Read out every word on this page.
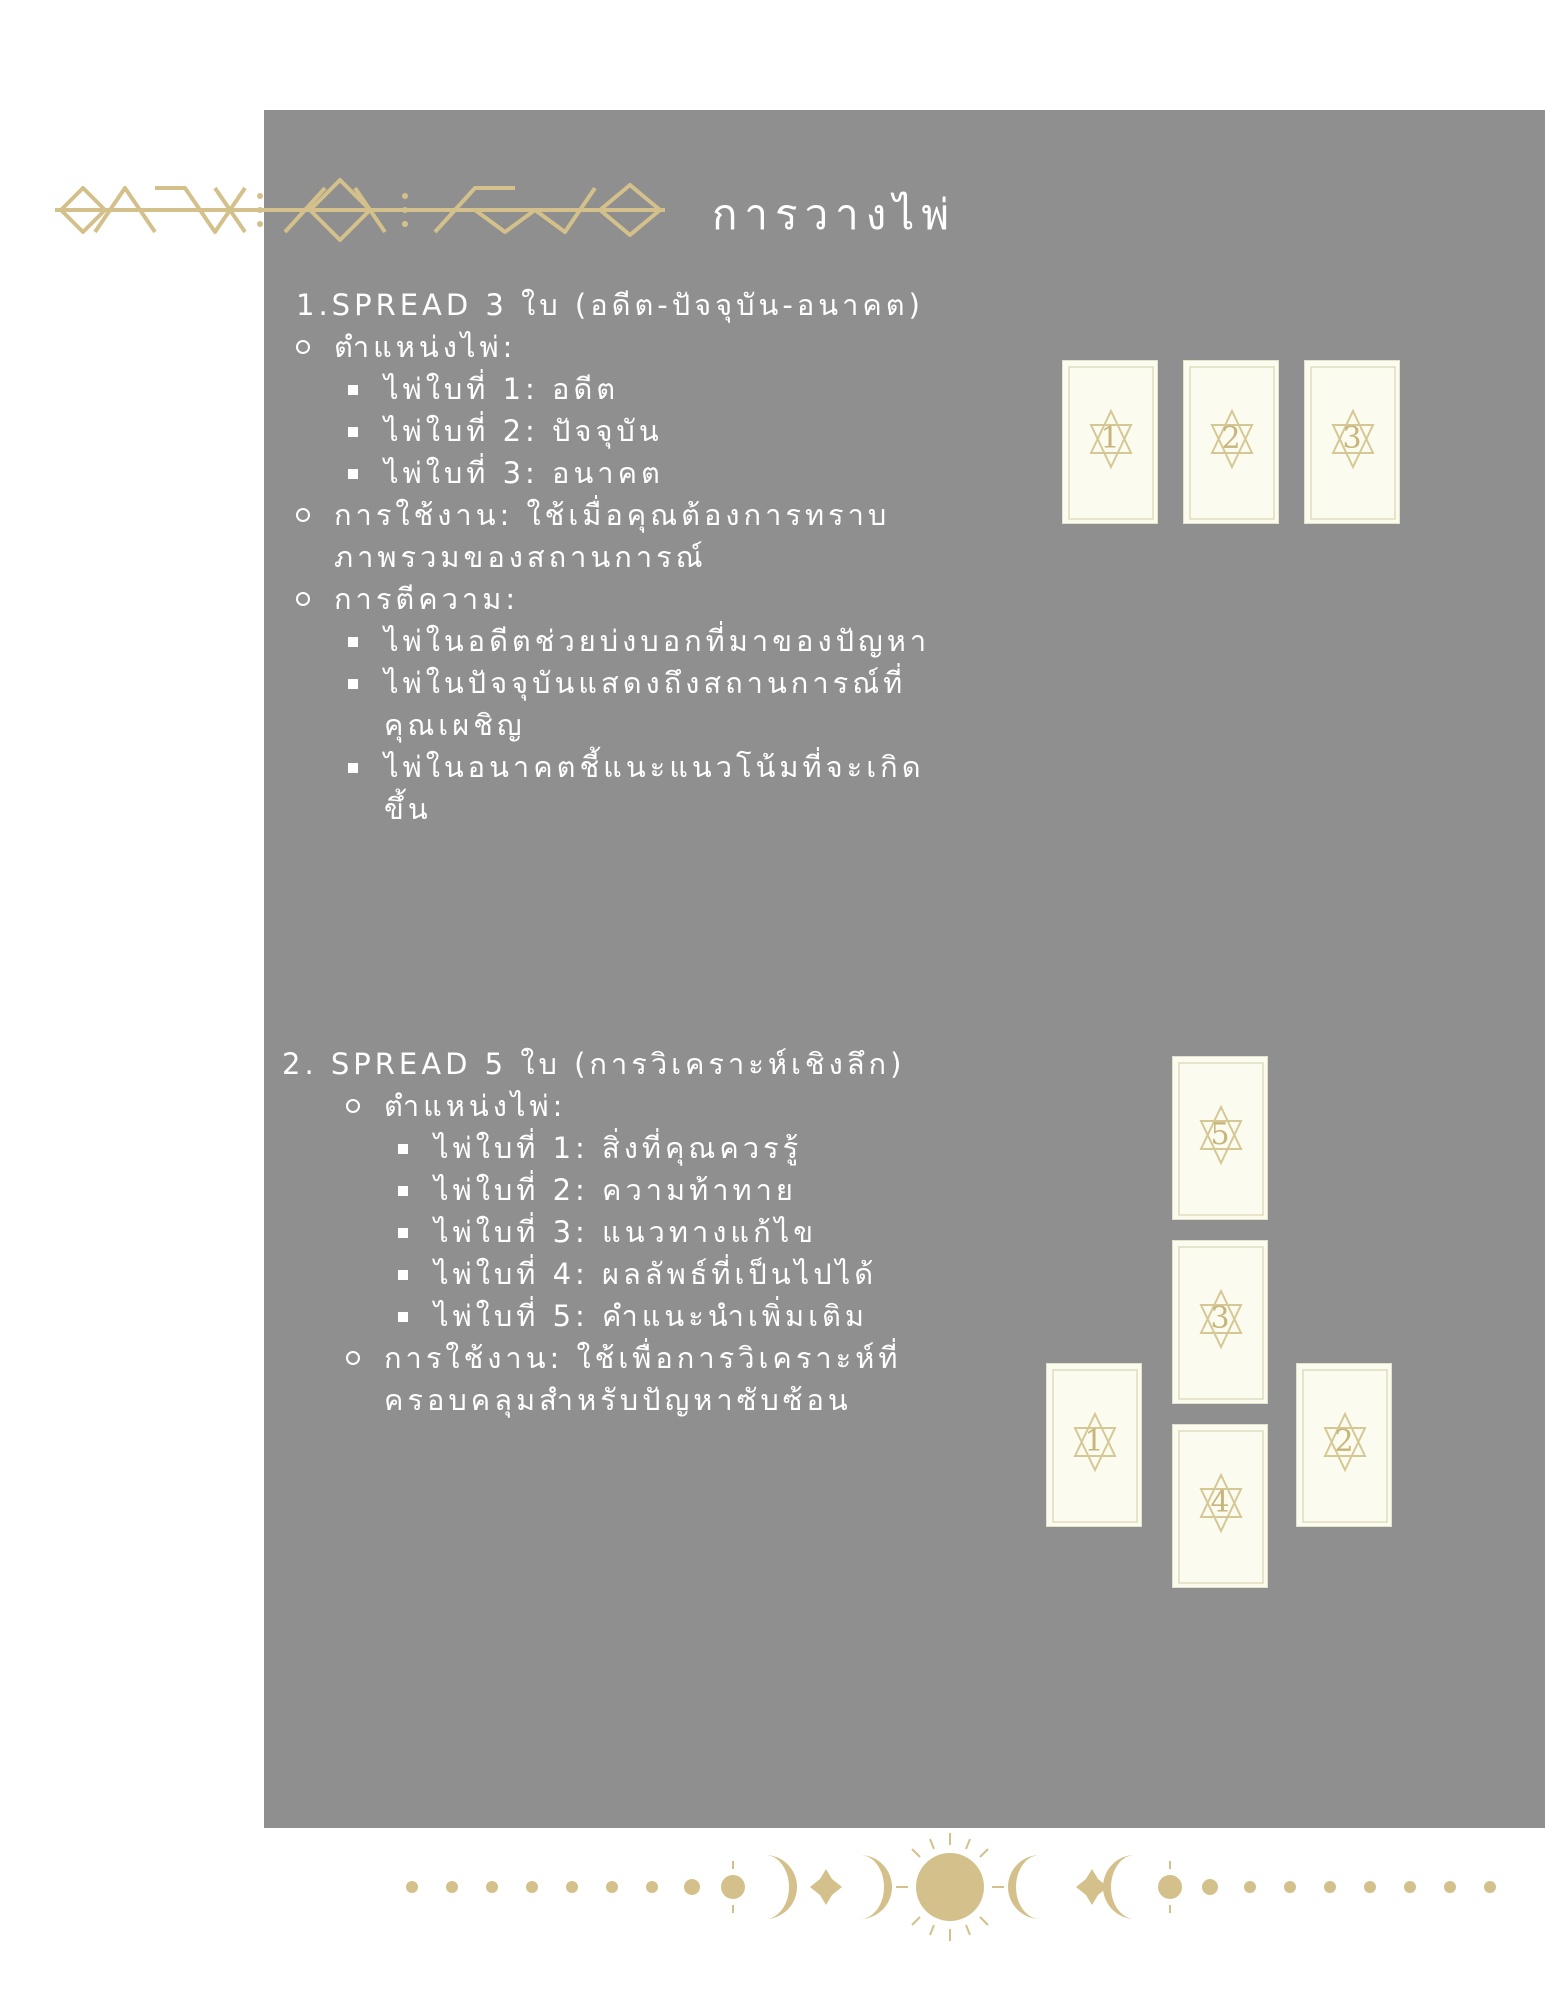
การวางไพ่
1.SPREAD 3 ใบ (อดีต-ปัจจุบัน-อนาคต)
ตำแหน่งไพ่:
ไพ่ใบที่ 1: อดีต
ไพ่ใบที่ 2: ปัจจุบัน
ไพ่ใบที่ 3: อนาคต
การใช้งาน: ใช้เมื่อคุณต้องการทราบ
ภาพรวมของสถานการณ์
การตีความ:
ไพ่ในอดีตช่วยบ่งบอกที่มาของปัญหา
ไพ่ในปัจจุบันแสดงถึงสถานการณ์ที่
คุณเผชิญ
ไพ่ในอนาคตชี้แนะแนวโน้มที่จะเกิด
ขึ้น
2. SPREAD 5 ใบ (การวิเคราะห์เชิงลึก)
ตำแหน่งไพ่:
ไพ่ใบที่ 1: สิ่งที่คุณควรรู้
ไพ่ใบที่ 2: ความท้าทาย
ไพ่ใบที่ 3: แนวทางแก้ไข
ไพ่ใบที่ 4: ผลลัพธ์ที่เป็นไปได้
ไพ่ใบที่ 5: คำแนะนำเพิ่มเติม
การใช้งาน: ใช้เพื่อการวิเคราะห์ที่
ครอบคลุมสำหรับปัญหาซับซ้อน
1	2	3
5
3
1
4
2
